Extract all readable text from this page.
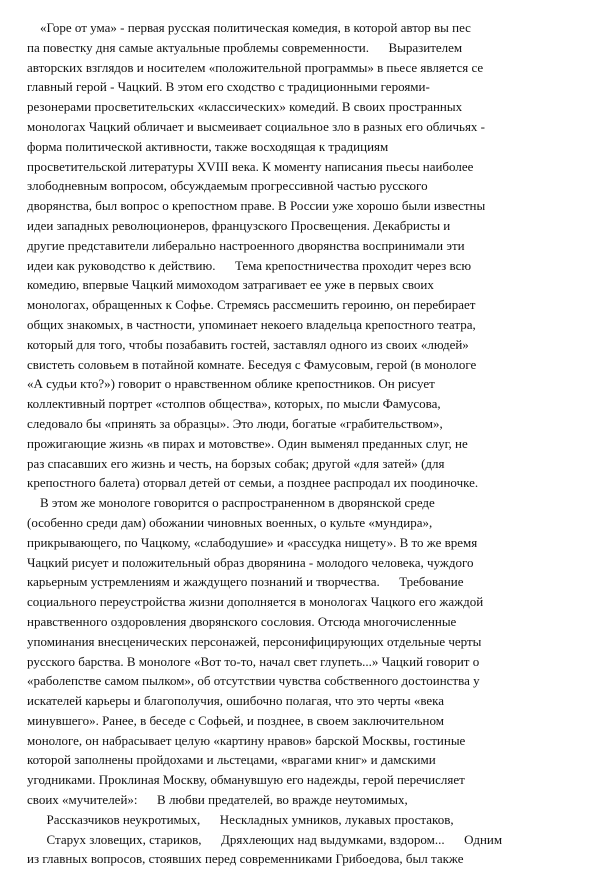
«Горе от ума» - первая русская политическая комедия, в которой автор вы пес
па повестку дня самые актуальные проблемы современности.      Выразителем
авторских взглядов и носителем «положительной программы» в пьесе является се
главный герой - Чацкий. В этом его сходство с традиционными героями-
резонерами просветительских «классических» комедий. В своих пространных
монологах Чацкий обличает и высмеивает социальное зло в разных его обличьях -
форма политической активности, также восходящая к традициям
просветительской литературы XVIII века. К моменту написания пьесы наиболее
злободневным вопросом, обсуждаемым прогрессивной частью русского
дворянства, был вопрос о крепостном праве. В России уже хорошо были известны
идеи западных революционеров, французского Просвещения. Декабристы и
другие представители либерально настроенного дворянства воспринимали эти
идеи как руководство к действию.      Тема крепостничества проходит через всю
комедию, впервые Чацкий мимоходом затрагивает ее уже в первых своих
монологах, обращенных к Софье. Стремясь рассмешить героиню, он перебирает
общих знакомых, в частности, упоминает некоего владельца крепостного театра,
который для того, чтобы позабавить гостей, заставлял одного из своих «людей»
свистеть соловьем в потайной комнате. Беседуя с Фамусовым, герой (в монологе
«А судьи кто?») говорит о нравственном облике крепостников. Он рисует
коллективный портрет «столпов общества», которых, по мысли Фамусова,
следовало бы «принять за образцы». Это люди, богатые «грабительством»,
прожигающие жизнь «в пирах и мотовстве». Один выменял преданных слуг, не
раз спасавших его жизнь и честь, на борзых собак; другой «для затей» (для
крепостного балета) оторвал детей от семьи, а позднее распродал их поодиночке.
В этом же монологе говорится о распространенном в дворянской среде
(особенно среди дам) обожании чиновных военных, о культе «мундира»,
прикрывающего, по Чацкому, «слабодушие» и «рассудка нищету». В то же время
Чацкий рисует и положительный образ дворянина - молодого человека, чуждого
карьерным устремлениям и жаждущего познаний и творчества.      Требование
социального переустройства жизни дополняется в монологах Чацкого его жаждой
нравственного оздоровления дворянского сословия. Отсюда многочисленные
упоминания внесценических персонажей, персонифицирующих отдельные черты
русского барства. В монологе «Вот то-то, начал свет глупеть...» Чацкий говорит о
«раболепстве самом пылком», об отсутствии чувства собственного достоинства у
искателей карьеры и благополучия, ошибочно полагая, что это черты «века
минувшего». Ранее, в беседе с Софьей, и позднее, в своем заключительном
монологе, он набрасывает целую «картину нравов» барской Москвы, гостиные
которой заполнены пройдохами и льстецами, «врагами книг» и дамскими
угодниками. Проклиная Москву, обманувшую его надежды, герой перечисляет
своих «мучителей»:      В любви предателей, во вражде неутомимых,
Рассказчиков неукротимых,      Нескладных умников, лукавых простаков,
Старух зловещих, стариков,      Дряхлеющих над выдумками, вздором...      Одним
из главных вопросов, стоявших перед современниками Грибоедова, был также
